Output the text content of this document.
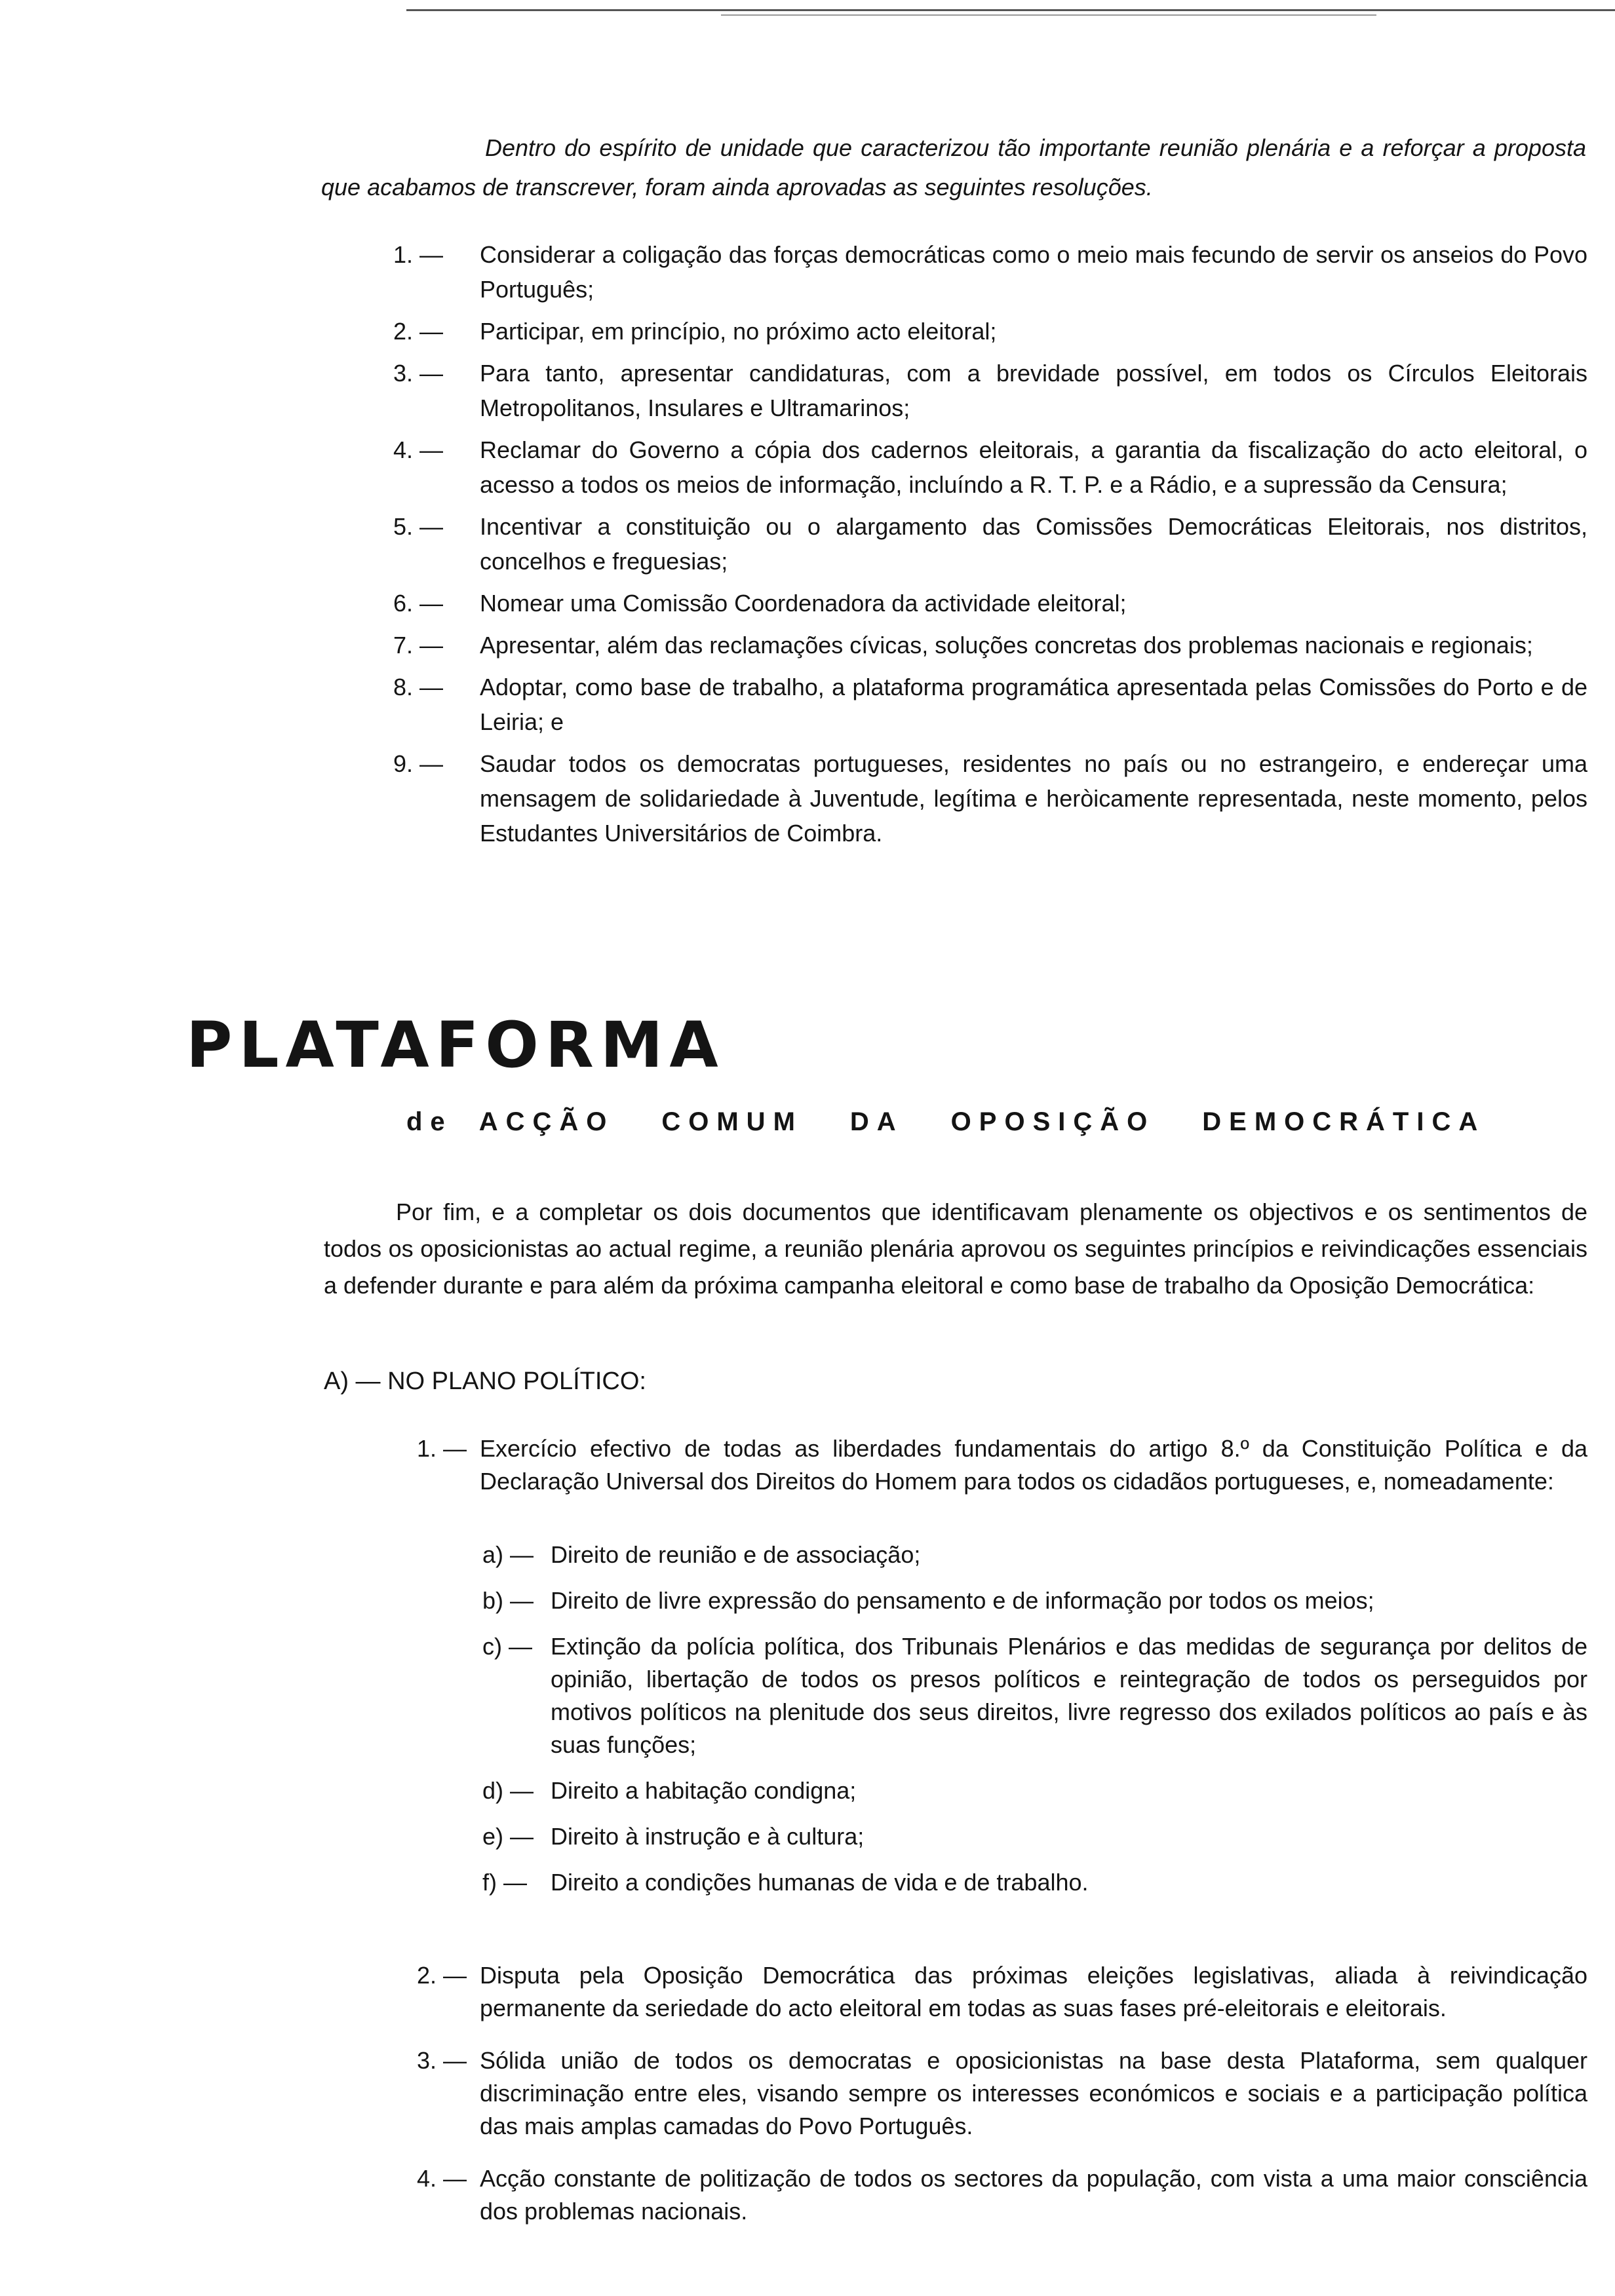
Dentro do espírito de unidade que caracterizou tão importante reunião plenária e a reforçar a proposta que acabamos de transcrever, foram ainda aprovadas as seguintes resoluções.

1. — Considerar a coligação das forças democráticas como o meio mais fecundo de servir os anseios do Povo Português;

2. — Participar, em princípio, no próximo acto eleitoral;

3. — Para tanto, apresentar candidaturas, com a brevidade possível, em todos os Círculos Eleitorais Metropolitanos, Insulares e Ultramarinos;

4. — Reclamar do Governo a cópia dos cadernos eleitorais, a garantia da fiscalização do acto eleitoral, o acesso a todos os meios de informação, incluíndo a R. T. P. e a Rádio, e a supressão da Censura;

5. — Incentivar a constituição ou o alargamento das Comissões Democráticas Eleitorais, nos distritos, concelhos e freguesias;

6. — Nomear uma Comissão Coordenadora da actividade eleitoral;

7. — Apresentar, além das reclamações cívicas, soluções concretas dos problemas nacionais e regionais;

8. — Adoptar, como base de trabalho, a plataforma programática apresentada pelas Comissões do Porto e de Leiria; e

9. — Saudar todos os democratas portugueses, residentes no país ou no estrangeiro, e endereçar uma mensagem de solidariedade à Juventude, legítima e heròicamente representada, neste momento, pelos Estudantes Universitários de Coimbra.

PLATAFORMA
de ACÇÃO COMUM DA OPOSIÇÃO DEMOCRÁTICA

Por fim, e a completar os dois documentos que identificavam plenamente os objectivos e os sentimentos de todos os oposicionistas ao actual regime, a reunião plenária aprovou os seguintes princípios e reivindicações essenciais a defender durante e para além da próxima campanha eleitoral e como base de trabalho da Oposição Democrática:

A) — NO PLANO POLÍTICO:

1. — Exercício efectivo de todas as liberdades fundamentais do artigo 8.º da Constituição Política e da Declaração Universal dos Direitos do Homem para todos os cidadãos portugueses, e, nomeadamente:

a) — Direito de reunião e de associação;

b) — Direito de livre expressão do pensamento e de informação por todos os meios;

c) — Extinção da polícia política, dos Tribunais Plenários e das medidas de segurança por delitos de opinião, libertação de todos os presos políticos e reintegração de todos os perseguidos por motivos políticos na plenitude dos seus direitos, livre regresso dos exilados políticos ao país e às suas funções;

d) — Direito a habitação condigna;

e) — Direito à instrução e à cultura;

f) — Direito a condições humanas de vida e de trabalho.

2. — Disputa pela Oposição Democrática das próximas eleições legislativas, aliada à reivindicação permanente da seriedade do acto eleitoral em todas as suas fases pré-eleitorais e eleitorais.

3. — Sólida união de todos os democratas e oposicionistas na base desta Plataforma, sem qualquer discriminação entre eles, visando sempre os interesses económicos e sociais e a participação política das mais amplas camadas do Povo Português.

4. — Acção constante de politização de todos os sectores da população, com vista a uma maior consciência dos problemas nacionais.
